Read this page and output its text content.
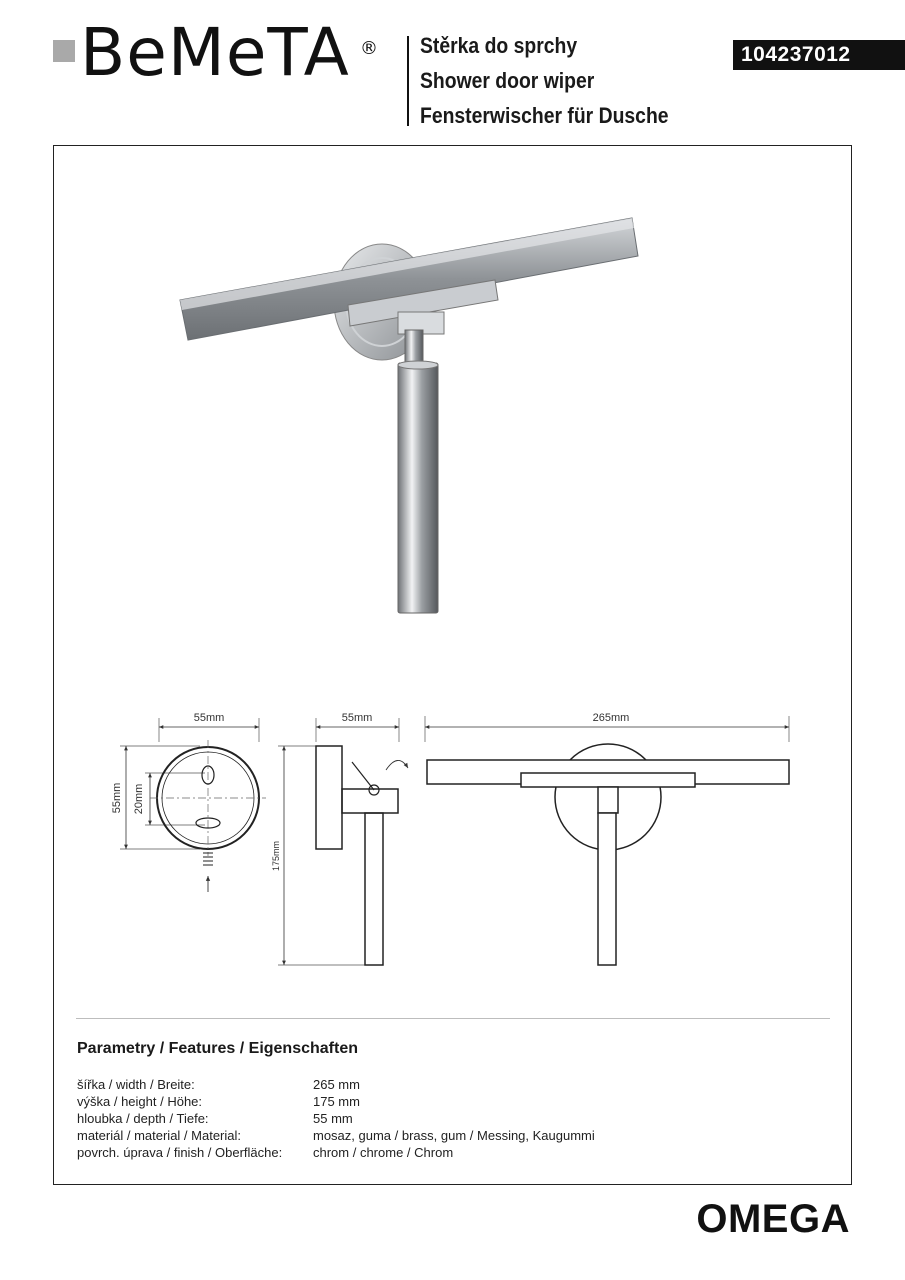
BeMeTA ® Stěrka do sprchy
Shower door wiper
Fensterwischer für Dusche
104237012
55mm
55mm 20mm
55mm
175mm
265mm
Parametry / Features / Eigenschaften
šířka / width / Breite:	265 mm
výška / height / Höhe:	175 mm
hloubka / depth / Tiefe:	55 mm
materiál / material / Material:	mosaz, guma / brass, gum / Messing, Kaugummi
povrch. úprava / finish / Oberfläche: chrom / chrome / Chrom
OMEGA
